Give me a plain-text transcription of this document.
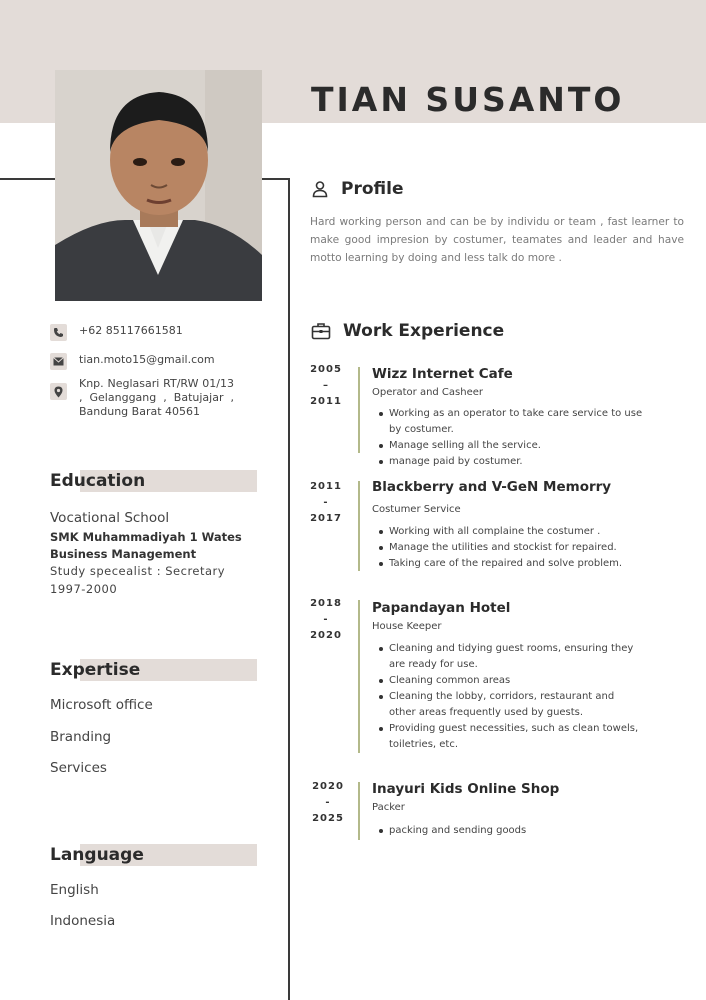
TIAN SUSANTO
Profile

Hard working person and can be by individu or team , fast learner to make good impresion by costumer, teamates and leader and have motto learning by doing and less talk do more .

+62 85117661581
tian.moto15@gmail.com
Knp. Neglasari RT/RW 01/13 , Gelanggang , Batujajar , Bandung Barat 40561
Education
Vocational School
SMK Muhammadiyah 1 Wates
Business Management
Study specealist : Secretary
1997-2000
Expertise
Microsoft office
Branding
Services
Language
English
Indonesia
Work Experience
2005
–
2011
Wizz Internet Cafe
Operator and Casheer
Working as an operator to take care service to use by costumer.
Manage selling all the service.
manage paid by costumer.
2011
-
2017
Blackberry and V-GeN Memorry
Costumer Service
Working with all complaine the costumer .
Manage the utilities and stockist for repaired.
Taking care of the repaired and solve problem.
2018
-
2020
Papandayan Hotel
House Keeper
Cleaning and tidying guest rooms, ensuring they are ready for use.
Cleaning common areas
Cleaning the lobby, corridors, restaurant and other areas frequently used by guests.
Providing guest necessities, such as clean towels, toiletries, etc.
2020
-
2025
Inayuri Kids Online Shop
Packer
packing and sending goods
